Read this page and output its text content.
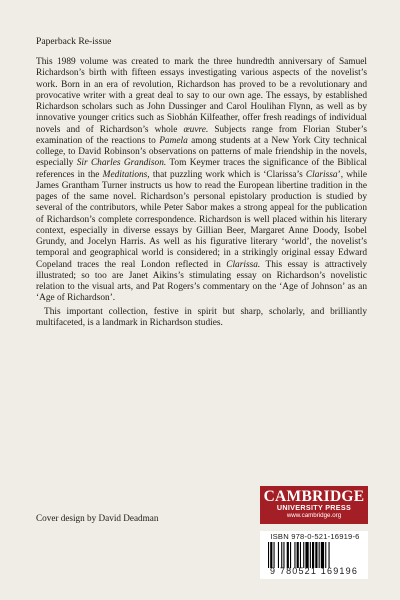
Paperback Re-issue

This 1989 volume was created to mark the three hundredth anniversary of Samuel Richardson’s birth with fifteen essays investigating various aspects of the novelist’s work. Born in an era of revolution, Richardson has proved to be a revolutionary and provocative writer with a great deal to say to our own age. The essays, by established Richardson scholars such as John Dussinger and Carol Houlihan Flynn, as well as by innovative younger critics such as Siobhán Kilfeather, offer fresh readings of individual novels and of Richardson’s whole œuvre. Subjects range from Florian Stuber’s examination of the reactions to Pamela among students at a New York City technical college, to David Robinson’s observations on patterns of male friendship in the novels, especially Sir Charles Grandison. Tom Keymer traces the significance of the Biblical references in the Meditations, that puzzling work which is ‘Clarissa’s Clarissa’, while James Grantham Turner instructs us how to read the European libertine tradition in the pages of the same novel. Richardson’s personal epistolary production is studied by several of the contributors, while Peter Sabor makes a strong appeal for the publication of Richardson’s complete correspondence. Richardson is well placed within his literary context, especially in diverse essays by Gillian Beer, Margaret Anne Doody, Isobel Grundy, and Jocelyn Harris. As well as his figurative literary ‘world’, the novelist’s temporal and geographical world is considered; in a strikingly original essay Edward Copeland traces the real London reflected in Clarissa. This essay is attractively illustrated; so too are Janet Aikins’s stimulating essay on Richardson’s novelistic relation to the visual arts, and Pat Rogers’s commentary on the ‘Age of Johnson’ as an ‘Age of Richardson’.

This important collection, festive in spirit but sharp, scholarly, and brilliantly multifaceted, is a landmark in Richardson studies.

Cover design by David Deadman
CAMBRIDGE
UNIVERSITY PRESS
www.cambridge.org
ISBN 978-0-521-16919-6
9 780521 169196
